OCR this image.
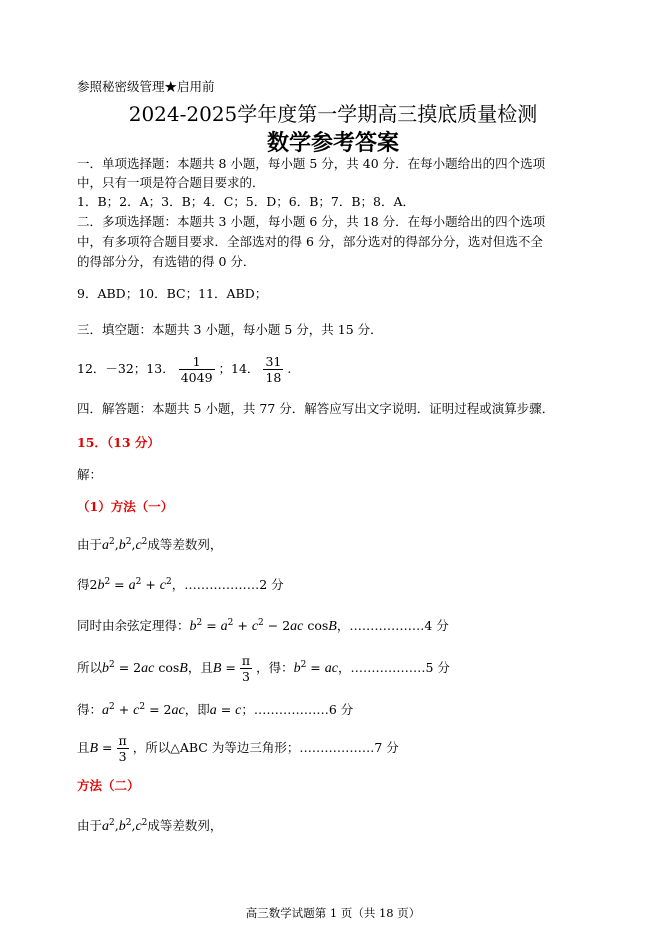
参照秘密级管理★启用前
2024-2025学年度第一学期高三摸底质量检测
数学参考答案
一．单项选择题：本题共 8 小题，每小题 5 分，共 40 分．在每小题给出的四个选项
中，只有一项是符合题目要求的．
1．B；2．A；3．B；4．C；5．D；6．B；7．B；8．A．
二．多项选择题：本题共 3 小题，每小题 6 分，共 18 分．在每小题给出的四个选项
中，有多项符合题目要求．全部选对的得 6 分，部分选对的得部分分，选对但选不全
的得部分分，有选错的得 0 分．
9．ABD；10．BC；11．ABD；
三．填空题：本题共 3 小题，每小题 5 分，共 15 分．
12．－32；13． $\frac{1}{4049}$ ；14． $\frac{31}{18}$ .
四．解答题：本题共 5 小题，共 77 分．解答应写出文字说明．证明过程或演算步骤．
15．（13 分）
解：
（1）方法（一）
由于$a^2,b^2,c^2$成等差数列，
得$2b^2 = a^2 + c^2$，………………2 分
同时由余弦定理得：$b^2 = a^2 + c^2 - 2ac$ cosB，………………4 分
所以$b^2 = 2ac$ cosB，且$B = \frac{\pi}{3}$ ，得：$b^2$ = ac，………………5 分
得：$a^2 + c^2 = 2ac$，即a = c；………………6 分
且$B = \frac{\pi}{3}$ ，所以△ABC 为等边三角形；………………7 分
方法（二）
由于$a^2,b^2,c^2$成等差数列，
高三数学试题第 1 页（共 18 页）
